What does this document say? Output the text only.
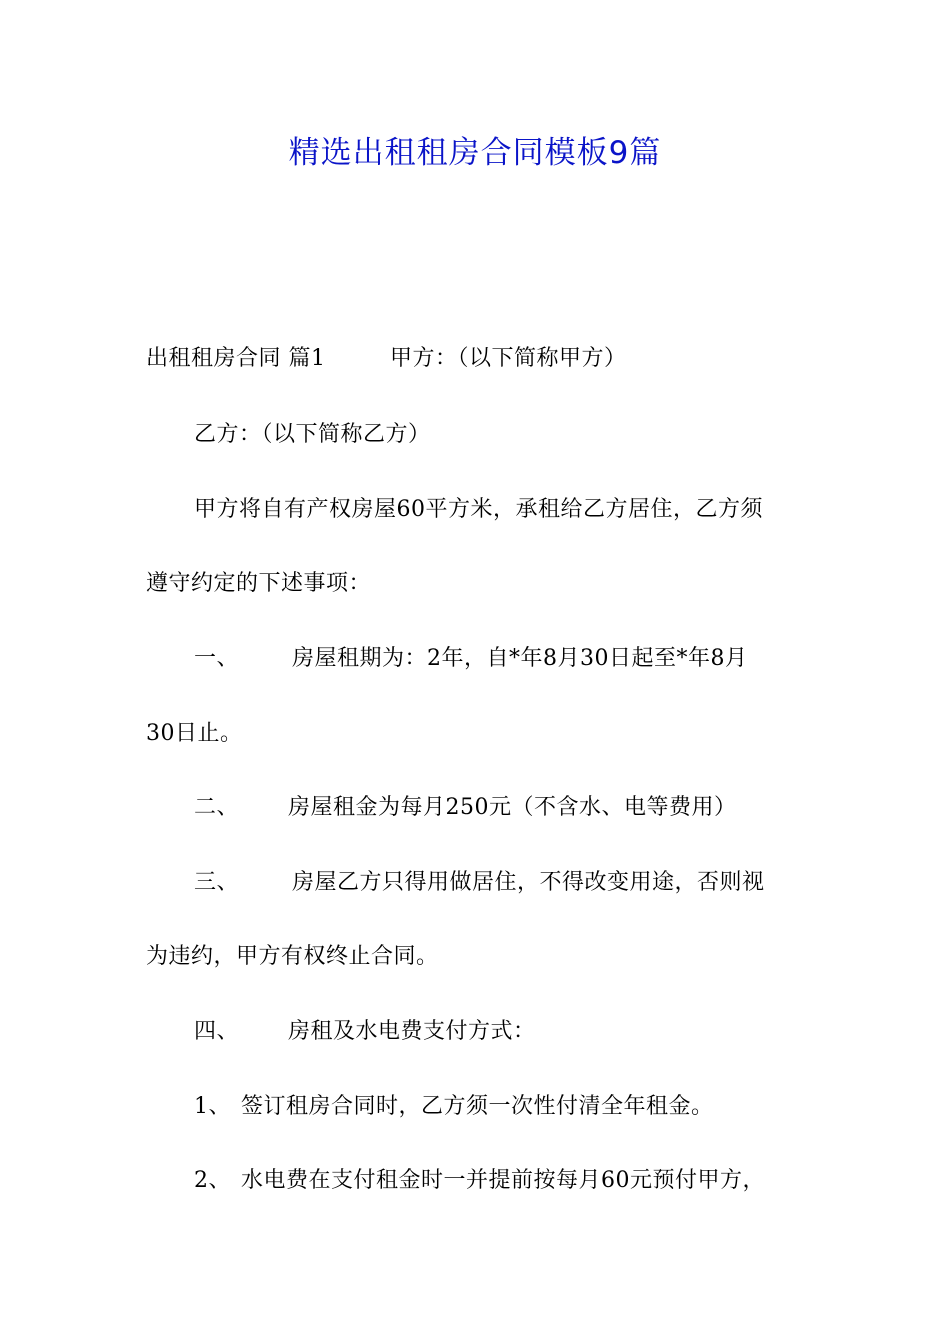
精选出租租房合同模板9篇
出租租房合同 篇1	甲方：（以下简称甲方）
乙方：（以下简称乙方）
甲方将自有产权房屋60平方米，承租给乙方居住，乙方须
遵守约定的下述事项：
一、 房屋租期为：2年，自*年8月30日起至*年8月
30日止。
二、 房屋租金为每月250元（不含水、电等费用）
三、 房屋乙方只得用做居住，不得改变用途，否则视
为违约，甲方有权终止合同。
四、 房租及水电费支付方式：
1、 签订租房合同时，乙方须一次性付清全年租金。
2、 水电费在支付租金时一并提前按每月60元预付甲方，
